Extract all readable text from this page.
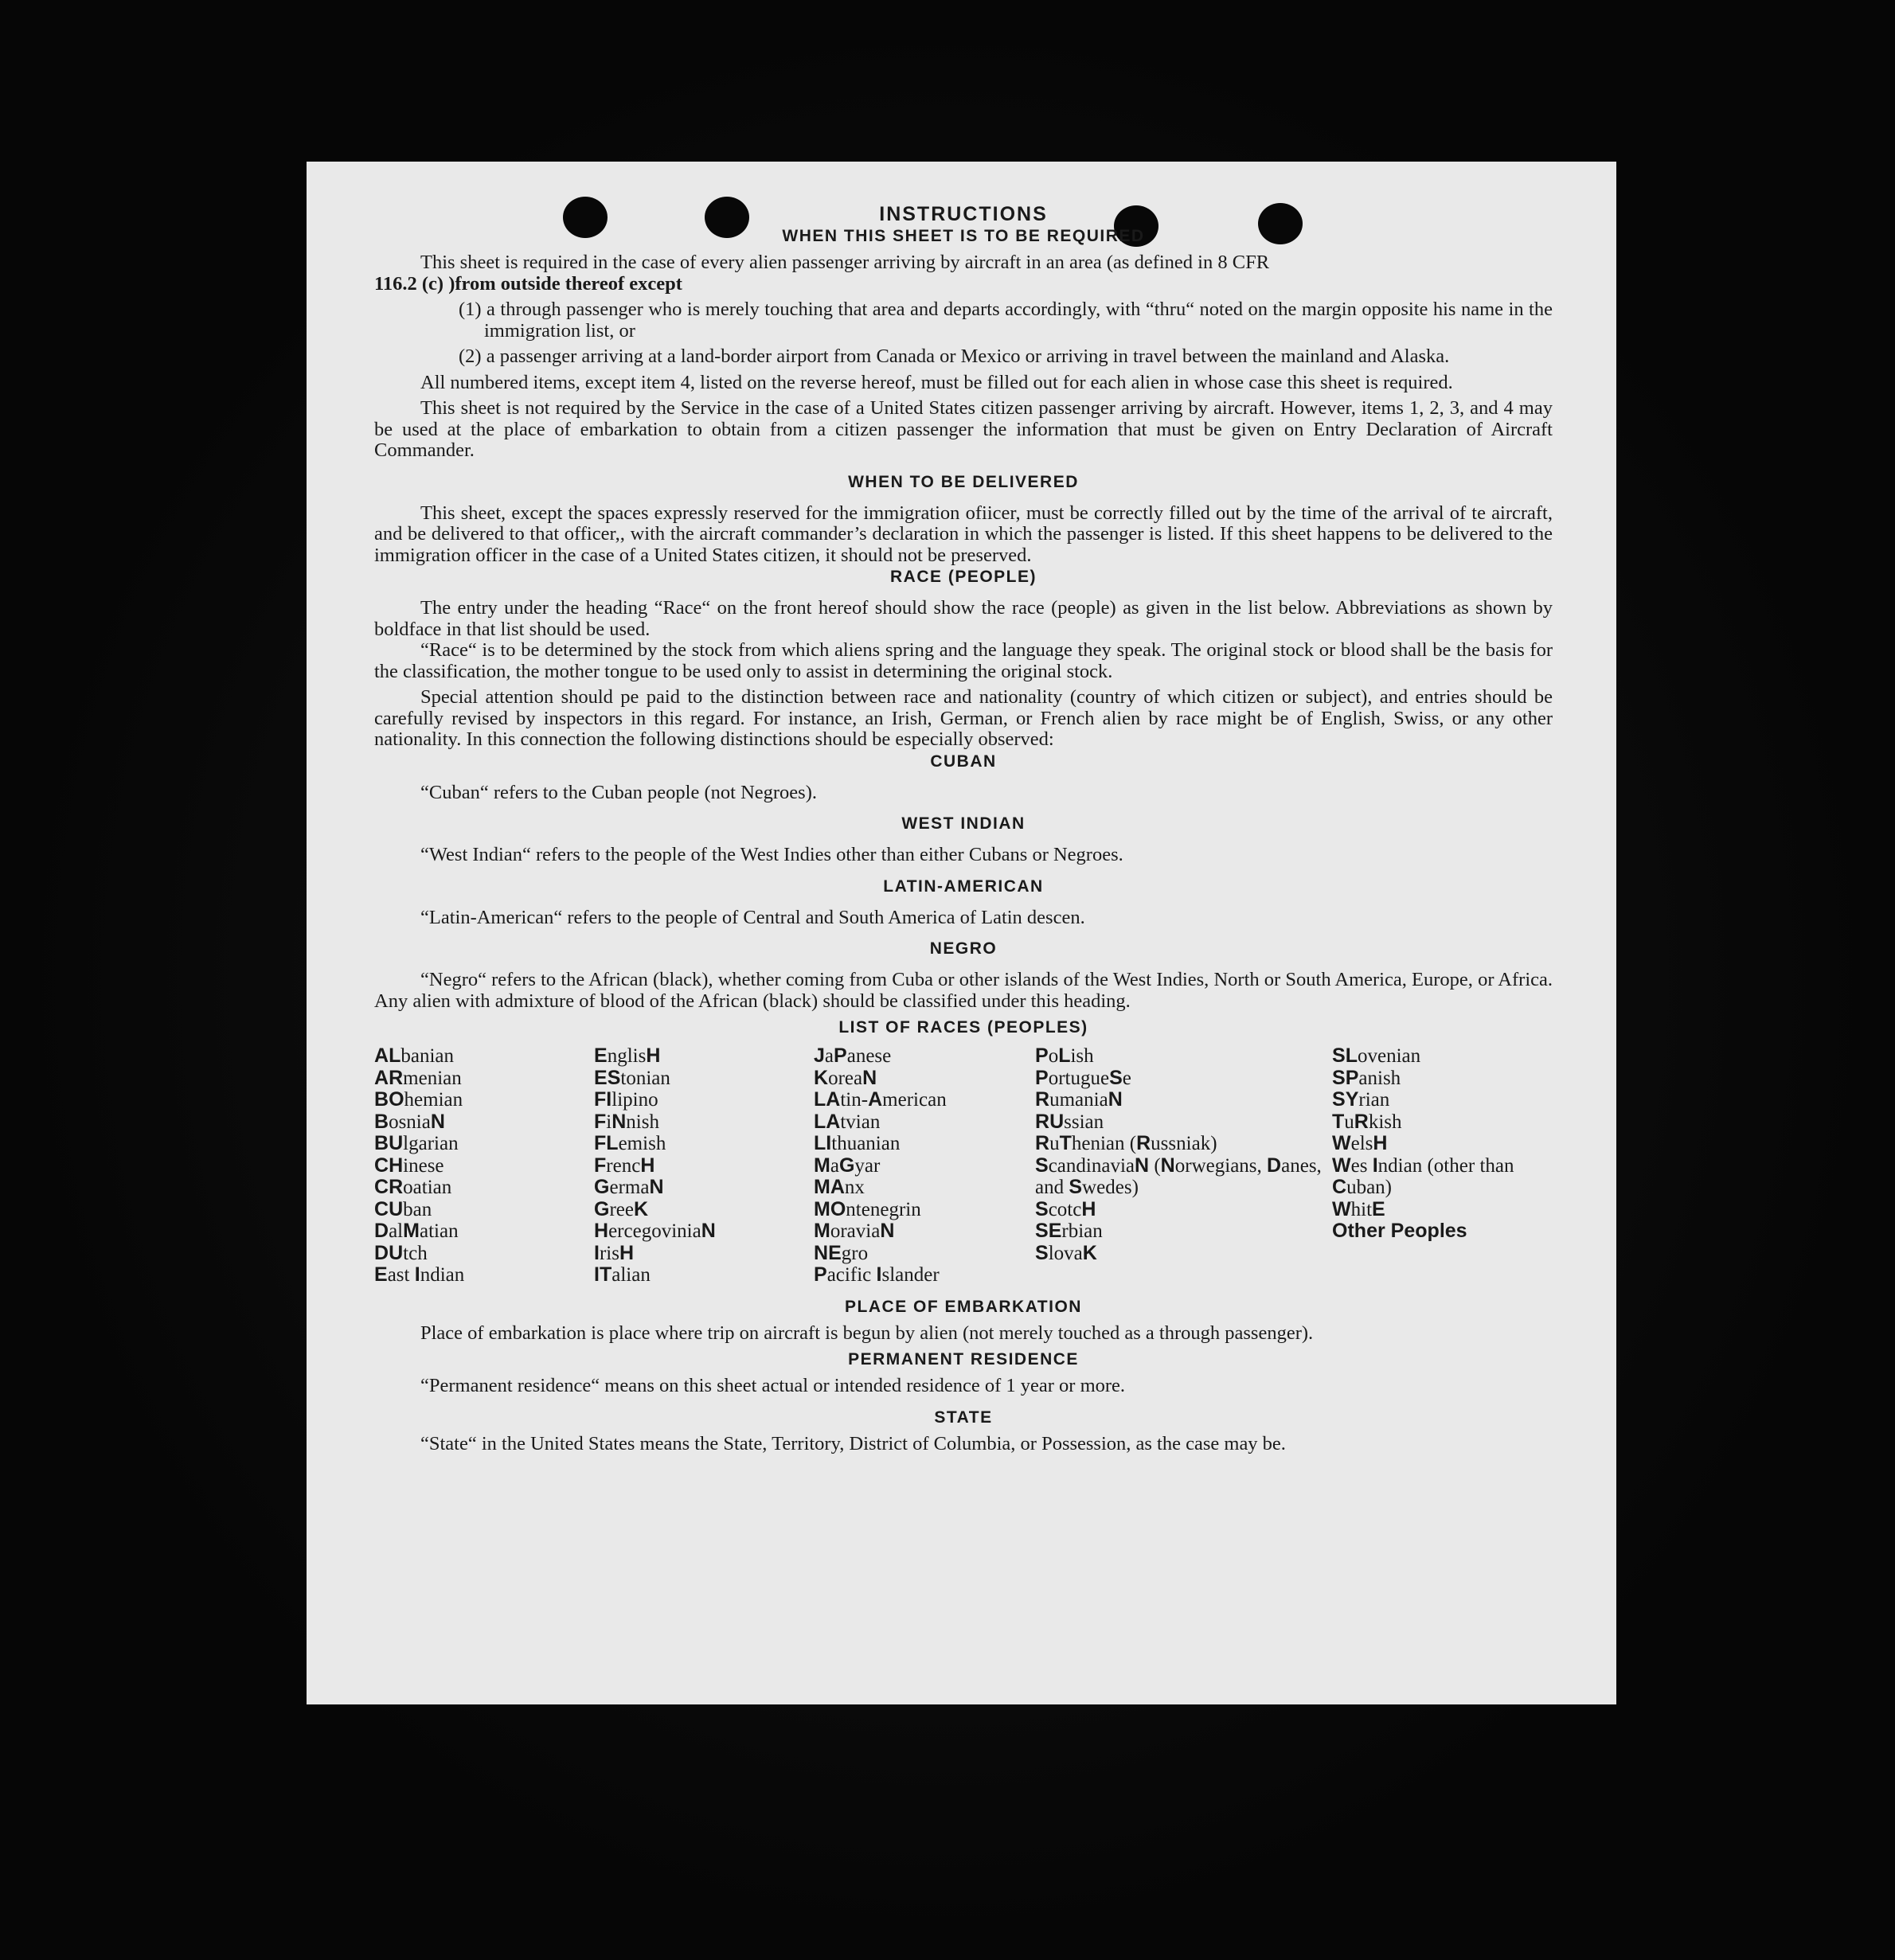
INSTRUCTIONS
WHEN THIS SHEET IS TO BE REQUIRED

This sheet is required in the case of every alien passenger arriving by aircraft in an area (as defined in 8 CFR

116.2 (c) )from outside thereof except

(1) a through passenger who is merely touching that area and departs accordingly, with “thru“ noted on the margin opposite his name in the immigration list, or

(2) a passenger arriving at a land-border airport from Canada or Mexico or arriving in travel between the mainland and Alaska.

All numbered items, except item 4, listed on the reverse hereof, must be filled out for each alien in whose case this sheet is required.

This sheet is not required by the Service in the case of a United States citizen passenger arriving by aircraft. However, items 1, 2, 3, and 4 may be used at the place of embarkation to obtain from a citizen passenger the information that must be given on Entry Declaration of Aircraft Commander.

WHEN TO BE DELIVERED

This sheet, except the spaces expressly reserved for the immigration ofiicer, must be correctly filled out by the time of the arrival of te aircraft, and be delivered to that officer,, with the aircraft commander’s declaration in which the passenger is listed. If this sheet happens to be delivered to the immigration officer in the case of a United States citizen, it should not be preserved.

RACE (PEOPLE)

The entry under the heading “Race“ on the front hereof should show the race (people) as given in the list below. Abbreviations as shown by boldface in that list should be used.

“Race“ is to be determined by the stock from which aliens spring and the language they speak. The original stock or blood shall be the basis for the classification, the mother tongue to be used only to assist in determining the original stock.

Special attention should pe paid to the distinction between race and nationality (country of which citizen or subject), and entries should be carefully revised by inspectors in this regard. For instance, an Irish, German, or French alien by race might be of English, Swiss, or any other nationality. In this connection the following distinctions should be especially observed:

CUBAN

“Cuban“ refers to the Cuban people (not Negroes).

WEST INDIAN

“West Indian“ refers to the people of the West Indies other than either Cubans or Negroes.

LATIN-AMERICAN

“Latin-American“ refers to the people of Central and South America of Latin descen.

NEGRO

“Negro“ refers to the African (black), whether coming from Cuba or other islands of the West Indies, North or South America, Europe, or Africa. Any alien with admixture of blood of the African (black) should be classified under this heading.

LIST OF RACES (PEOPLES)
ALbanian
ARmenian
BOhemian
BosniaN
BUlgarian
CHinese
CRoatian
CUban
DalMatian
DUtch
East Indian
EnglisH
EStonian
FIlipino
FiNnish
FLemish
FrencH
GermaN
GreeK
HercegoviniaN
IrisH
ITalian
JaPanese
KoreaN
LAtin-American
LAtvian
LIthuanian
MaGyar
MAnx
MOntenegrin
MoraviaN
NEgro
Pacific Islander
PoLish
PortugueSe
RumaniaN
RUssian
RuThenian (Russniak)
ScandinaviaN (Norwegians, Danes, and Swedes)
ScotcH
SErbian
SlovaK
SLovenian
SPanish
SYrian
TuRkish
WelsH
Wes Indian (other than Cuban)
WhitE
Other Peoples
PLACE OF EMBARKATION

Place of embarkation is place where trip on aircraft is begun by alien (not merely touched as a through passenger).

PERMANENT RESIDENCE

“Permanent residence“ means on this sheet actual or intended residence of 1 year or more.

STATE

“State“ in the United States means the State, Territory, District of Columbia, or Possession, as the case may be.
